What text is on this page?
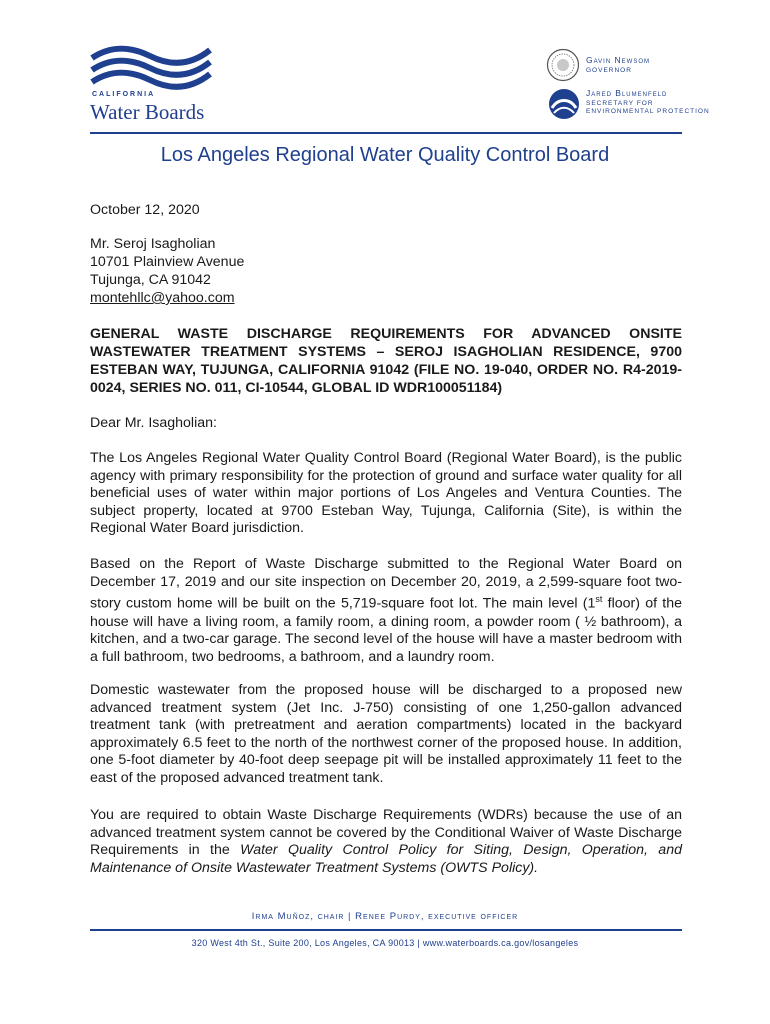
CALIFORNIA
Water Boards
Gavin Newsom
GOVERNOR
Jared Blumenfeld
SECRETARY FOR
ENVIRONMENTAL PROTECTION
Los Angeles Regional Water Quality Control Board
October 12, 2020
Mr. Seroj Isagholian
10701 Plainview Avenue
Tujunga, CA 91042
montehllc@yahoo.com
GENERAL WASTE DISCHARGE REQUIREMENTS FOR ADVANCED ONSITE WASTEWATER TREATMENT SYSTEMS – SEROJ ISAGHOLIAN RESIDENCE, 9700 ESTEBAN WAY, TUJUNGA, CALIFORNIA 91042 (FILE NO. 19-040, ORDER NO. R4-2019-0024, SERIES NO. 011, CI-10544, GLOBAL ID WDR100051184)
Dear Mr. Isagholian:
The Los Angeles Regional Water Quality Control Board (Regional Water Board), is the public agency with primary responsibility for the protection of ground and surface water quality for all beneficial uses of water within major portions of Los Angeles and Ventura Counties. The subject property, located at 9700 Esteban Way, Tujunga, California (Site), is within the Regional Water Board jurisdiction.
Based on the Report of Waste Discharge submitted to the Regional Water Board on December 17, 2019 and our site inspection on December 20, 2019, a 2,599-square foot two-story custom home will be built on the 5,719-square foot lot. The main level (1st floor) of the house will have a living room, a family room, a dining room, a powder room ( ½ bathroom), a kitchen, and a two-car garage. The second level of the house will have a master bedroom with a full bathroom, two bedrooms, a bathroom, and a laundry room.
Domestic wastewater from the proposed house will be discharged to a proposed new advanced treatment system (Jet Inc. J-750) consisting of one 1,250-gallon advanced treatment tank (with pretreatment and aeration compartments) located in the backyard approximately 6.5 feet to the north of the northwest corner of the proposed house. In addition, one 5-foot diameter by 40-foot deep seepage pit will be installed approximately 11 feet to the east of the proposed advanced treatment tank.
You are required to obtain Waste Discharge Requirements (WDRs) because the use of an advanced treatment system cannot be covered by the Conditional Waiver of Waste Discharge Requirements in the Water Quality Control Policy for Siting, Design, Operation, and Maintenance of Onsite Wastewater Treatment Systems (OWTS Policy).
Irma Muñoz, chair | Renee Purdy, executive officer
320 West 4th St., Suite 200, Los Angeles, CA 90013 | www.waterboards.ca.gov/losangeles
